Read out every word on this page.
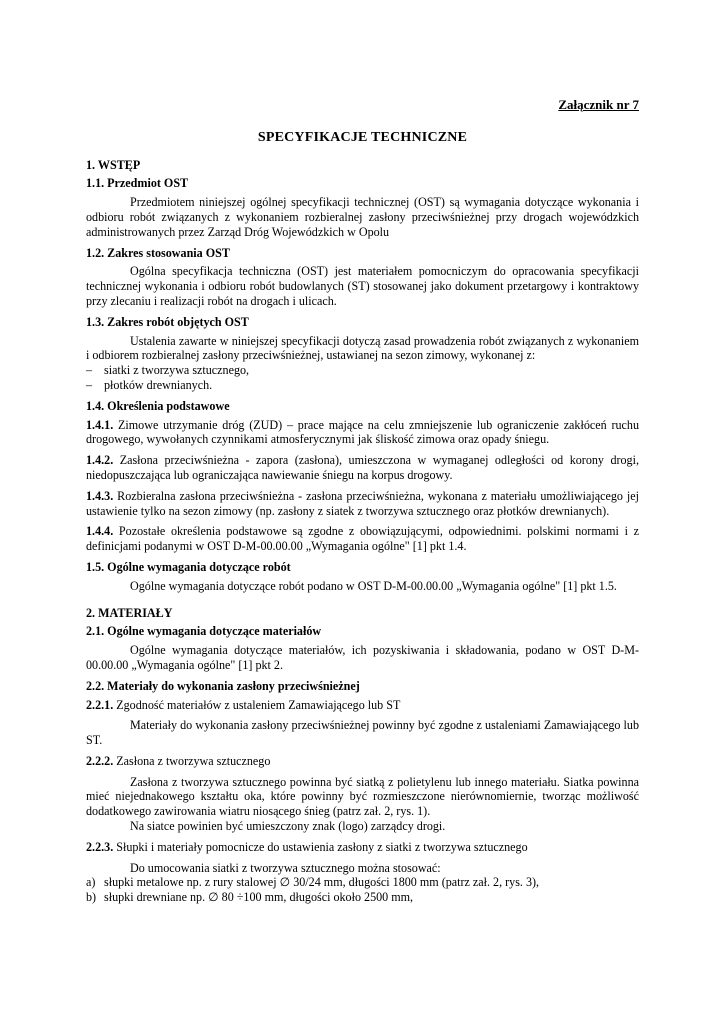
Załącznik nr 7
SPECYFIKACJE TECHNICZNE
1. WSTĘP
1.1. Przedmiot OST

Przedmiotem niniejszej ogólnej specyfikacji technicznej (OST) są wymagania dotyczące wykonania i odbioru robót związanych z wykonaniem rozbieralnej zasłony przeciwśnieżnej przy drogach wojewódzkich administrowanych przez Zarząd Dróg Wojewódzkich w Opolu

1.2. Zakres stosowania OST

Ogólna specyfikacja techniczna (OST) jest materiałem pomocniczym do opracowania specyfikacji technicznej wykonania i odbioru robót budowlanych (ST) stosowanej jako dokument przetargowy i kontraktowy przy zlecaniu i realizacji robót na drogach i ulicach.

1.3. Zakres robót objętych OST

Ustalenia zawarte w niniejszej specyfikacji dotyczą zasad prowadzenia robót związanych z wykonaniem i odbiorem rozbieralnej zasłony przeciwśnieżnej, ustawianej na sezon zimowy, wykonanej z:

– siatki z tworzywa sztucznego,
– płotków drewnianych.
1.4. Określenia podstawowe

1.4.1. Zimowe utrzymanie dróg (ZUD) – prace mające na celu zmniejszenie lub ograniczenie zakłóceń ruchu drogowego, wywołanych czynnikami atmosferycznymi jak śliskość zimowa oraz opady śniegu.

1.4.2. Zasłona przeciwśnieżna - zapora (zasłona), umieszczona w wymaganej odległości od korony drogi, niedopuszczająca lub ograniczająca nawiewanie śniegu na korpus drogowy.

1.4.3. Rozbieralna zasłona przeciwśnieżna - zasłona przeciwśnieżna, wykonana z materiału umożliwiającego jej ustawienie tylko na sezon zimowy (np. zasłony z siatek z tworzywa sztucznego oraz płotków drewnianych).

1.4.4. Pozostałe określenia podstawowe są zgodne z obowiązującymi, odpowiednimi. polskimi normami i z definicjami podanymi w OST D-M-00.00.00 „Wymagania ogólne" [1] pkt 1.4.

1.5. Ogólne wymagania dotyczące robót

Ogólne wymagania dotyczące robót podano w OST D-M-00.00.00 „Wymagania ogólne" [1] pkt 1.5.

2. MATERIAŁY
2.1. Ogólne wymagania dotyczące materiałów

Ogólne wymagania dotyczące materiałów, ich pozyskiwania i składowania, podano w OST D-M-00.00.00 „Wymagania ogólne" [1] pkt 2.

2.2. Materiały do wykonania zasłony przeciwśnieżnej

2.2.1. Zgodność materiałów z ustaleniem Zamawiającego lub ST

Materiały do wykonania zasłony przeciwśnieżnej powinny być zgodne z ustaleniami Zamawiającego lub ST.

2.2.2. Zasłona z tworzywa sztucznego

Zasłona z tworzywa sztucznego powinna być siatką z polietylenu lub innego materiału. Siatka powinna mieć niejednakowego kształtu oka, które powinny być rozmieszczone nierównomiernie, tworząc możliwość dodatkowego zawirowania wiatru niosącego śnieg (patrz zał. 2, rys. 1).

Na siatce powinien być umieszczony znak (logo) zarządcy drogi.

2.2.3. Słupki i materiały pomocnicze do ustawienia zasłony z siatki z tworzywa sztucznego

Do umocowania siatki z tworzywa sztucznego można stosować:

a) słupki metalowe np. z rury stalowej ∅ 30/24 mm, długości 1800 mm (patrz zał. 2, rys. 3),
b) słupki drewniane np. ∅ 80 ÷100 mm, długości około 2500 mm,
